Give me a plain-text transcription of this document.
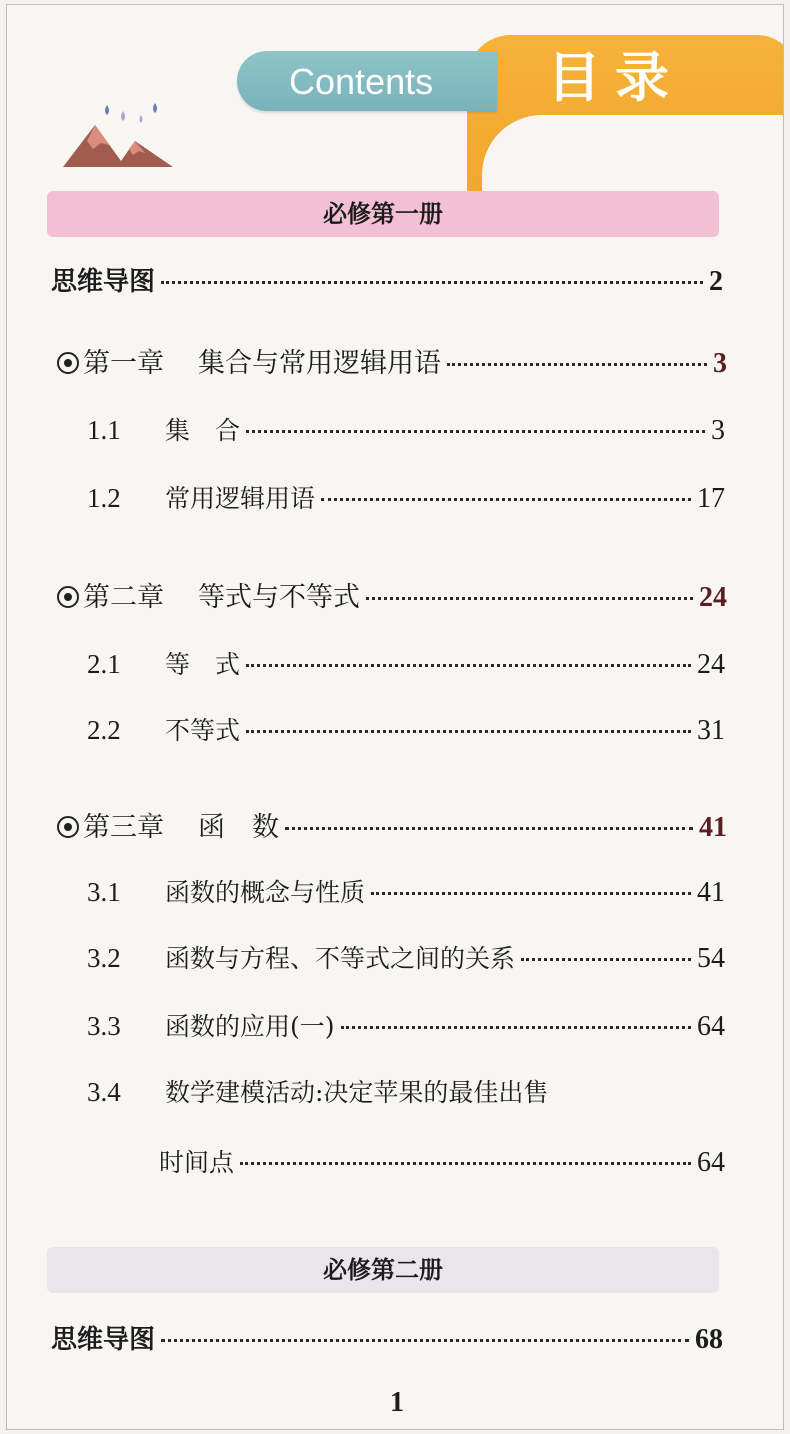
Contents	目录
必修第一册
思维导图	2
第一章 集合与常用逻辑用语	3
1.1	集　合	3
1.2	常用逻辑用语	17
第二章 等式与不等式	24
2.1	等　式	24
2.2	不等式	31
第三章 函　数	41
3.1	函数的概念与性质	41
3.2	函数与方程、不等式之间的关系	54
3.3	函数的应用(一)	64
3.4	数学建模活动:决定苹果的最佳出售
时间点	64
必修第二册
思维导图	68
1
